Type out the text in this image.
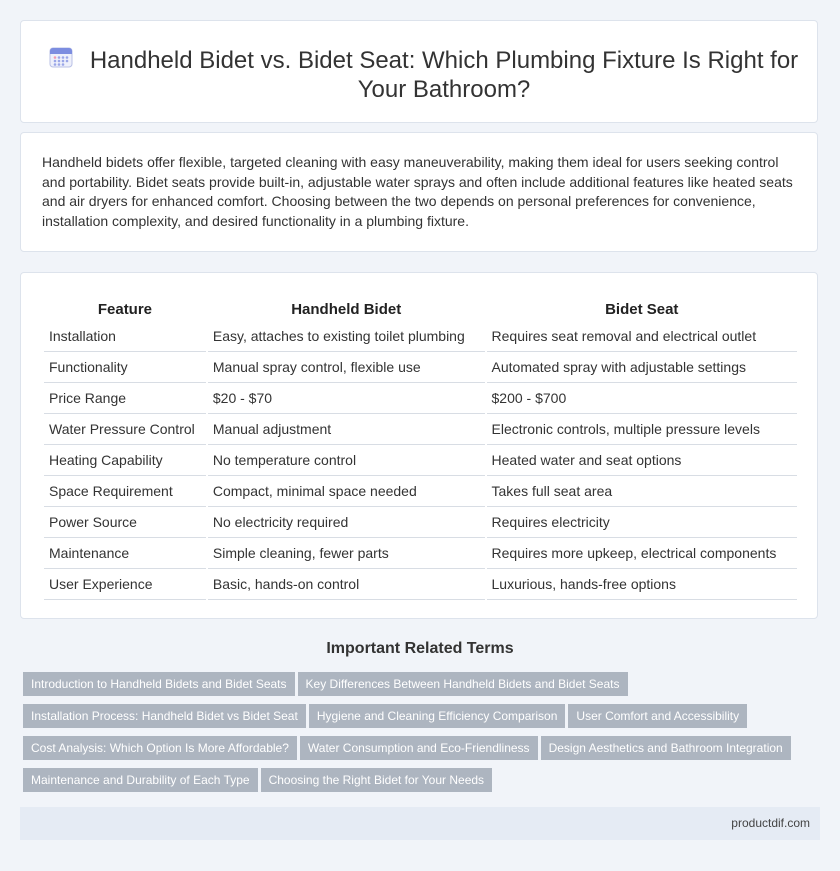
Handheld Bidet vs. Bidet Seat: Which Plumbing Fixture Is Right for Your Bathroom?

Handheld bidets offer flexible, targeted cleaning with easy maneuverability, making them ideal for users seeking control and portability. Bidet seats provide built-in, adjustable water sprays and often include additional features like heated seats and air dryers for enhanced comfort. Choosing between the two depends on personal preferences for convenience, installation complexity, and desired functionality in a plumbing fixture.

Feature	Handheld Bidet	Bidet Seat
Installation	Easy, attaches to existing toilet plumbing	Requires seat removal and electrical outlet
Functionality	Manual spray control, flexible use	Automated spray with adjustable settings
Price Range	$20 - $70	$200 - $700
Water Pressure Control	Manual adjustment	Electronic controls, multiple pressure levels
Heating Capability	No temperature control	Heated water and seat options
Space Requirement	Compact, minimal space needed	Takes full seat area
Power Source	No electricity required	Requires electricity
Maintenance	Simple cleaning, fewer parts	Requires more upkeep, electrical components
User Experience	Basic, hands-on control	Luxurious, hands-free options
Important Related Terms
Introduction to Handheld Bidets and Bidet Seats Key Differences Between Handheld Bidets and Bidet Seats
Installation Process: Handheld Bidet vs Bidet Seat Hygiene and Cleaning Efficiency Comparison User Comfort and Accessibility
Cost Analysis: Which Option Is More Affordable? Water Consumption and Eco-Friendliness Design Aesthetics and Bathroom Integration
Maintenance and Durability of Each Type Choosing the Right Bidet for Your Needs
productdif.com
